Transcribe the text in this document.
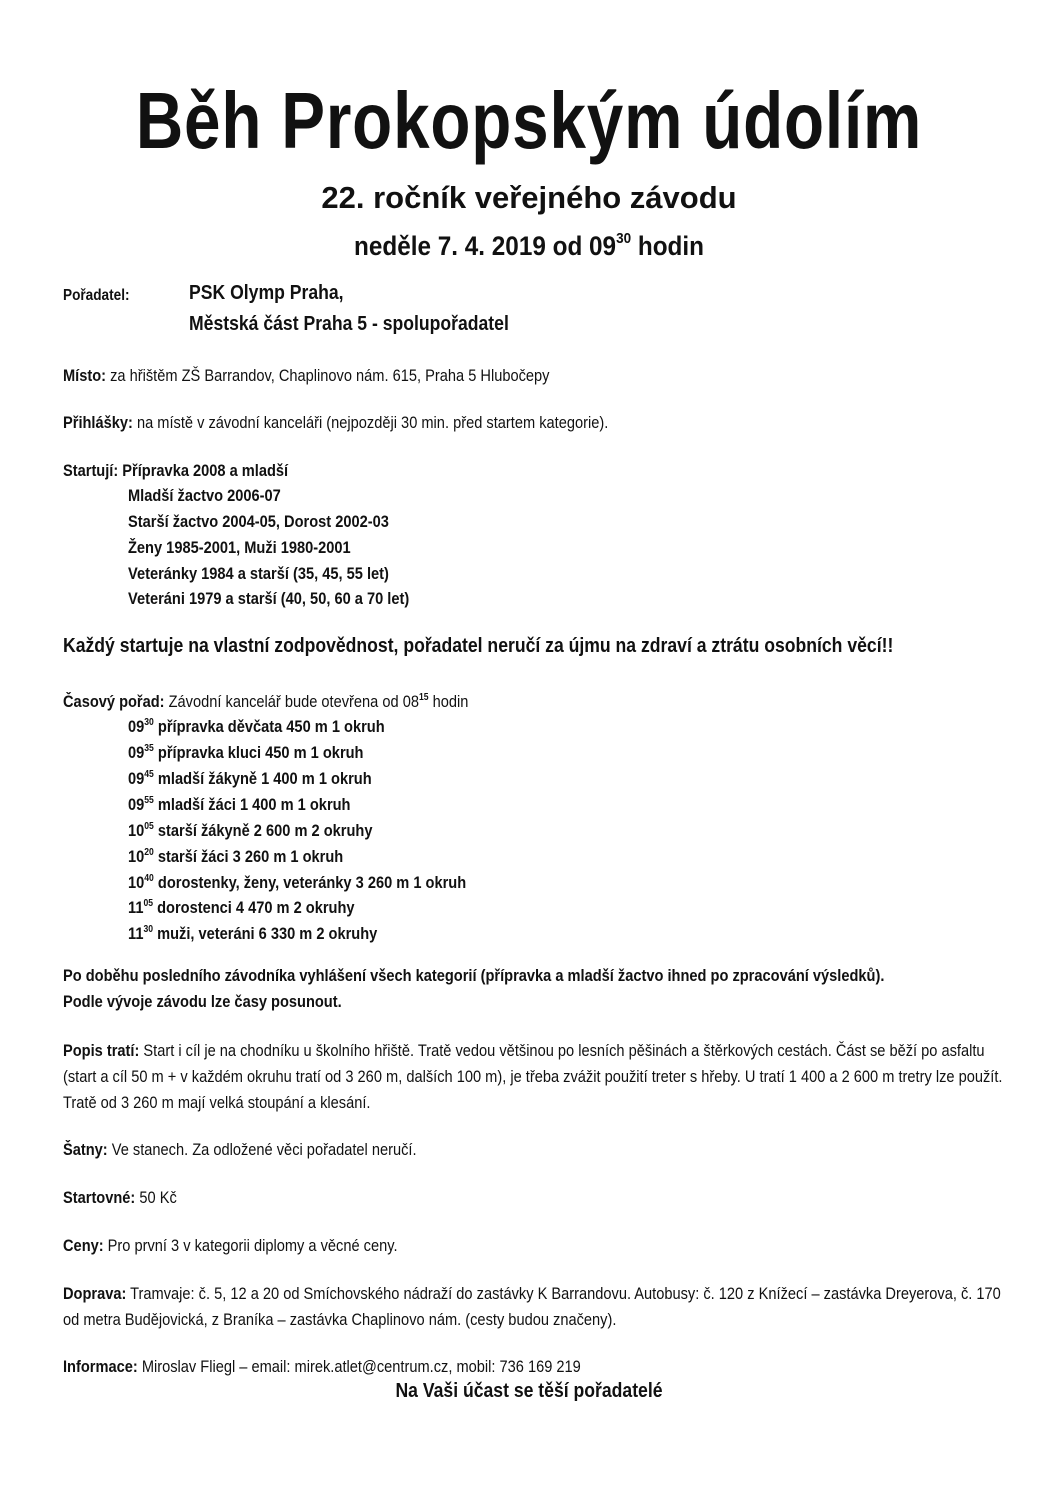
Běh Prokopským údolím
22. ročník veřejného závodu
neděle 7. 4. 2019 od $09^{30}$ hodin
Pořadatel:	PSK Olymp Praha,
Městská část Praha 5 - spolupořadatel
Místo: za hřištěm ZŠ Barrandov, Chaplinovo nám. 615, Praha 5 Hlubočepy
Přihlášky: na místě v závodní kanceláři (nejpozději 30 min. před startem kategorie).
Startují: Přípravka 2008 a mladší
Mladší žactvo 2006-07
Starší žactvo 2004-05, Dorost 2002-03
Ženy 1985-2001, Muži 1980-2001
Veteránky 1984 a starší (35, 45, 55 let)
Veteráni 1979 a starší (40, 50, 60 a 70 let)
Každý startuje na vlastní zodpovědnost, pořadatel neručí za újmu na zdraví a ztrátu osobních věcí!!
Časový pořad: Závodní kancelář bude otevřena od $08^{15}$ hodin
$09^{30}$ přípravka děvčata 450 m 1 okruh
$09^{35}$ přípravka kluci 450 m 1 okruh
$09^{45}$ mladší žákyně 1 400 m 1 okruh
$09^{55}$ mladší žáci 1 400 m 1 okruh
$10^{05}$ starší žákyně 2 600 m 2 okruhy
$10^{20}$ starší žáci 3 260 m 1 okruh
$10^{40}$ dorostenky, ženy, veteránky 3 260 m 1 okruh
$11^{05}$ dorostenci 4 470 m 2 okruhy
$11^{30}$ muži, veteráni 6 330 m 2 okruhy
Po doběhu posledního závodníka vyhlášení všech kategorií (přípravka a mladší žactvo ihned po zpracování výsledků).
Podle vývoje závodu lze časy posunout.
Popis tratí: Start i cíl je na chodníku u školního hřiště. Tratě vedou většinou po lesních pěšinách a štěrkových cestách. Část se běží po asfaltu (start a cíl 50 m + v každém okruhu tratí od 3 260 m, dalších 100 m), je třeba zvážit použití treter s hřeby. U tratí 1 400 a 2 600 m tretry lze použít. Tratě od 3 260 m mají velká stoupání a klesání.
Šatny: Ve stanech. Za odložené věci pořadatel neručí.
Startovné: 50 Kč
Ceny: Pro první 3 v kategorii diplomy a věcné ceny.
Doprava: Tramvaje: č. 5, 12 a 20 od Smíchovského nádraží do zastávky K Barrandovu. Autobusy: č. 120 z Knížecí – zastávka Dreyerova, č. 170 od metra Budějovická, z Braníka – zastávka Chaplinovo nám. (cesty budou značeny).
Informace: Miroslav Fliegl – email: mirek.atlet@centrum.cz, mobil: 736 169 219
Na Vaši účast se těší pořadatelé
